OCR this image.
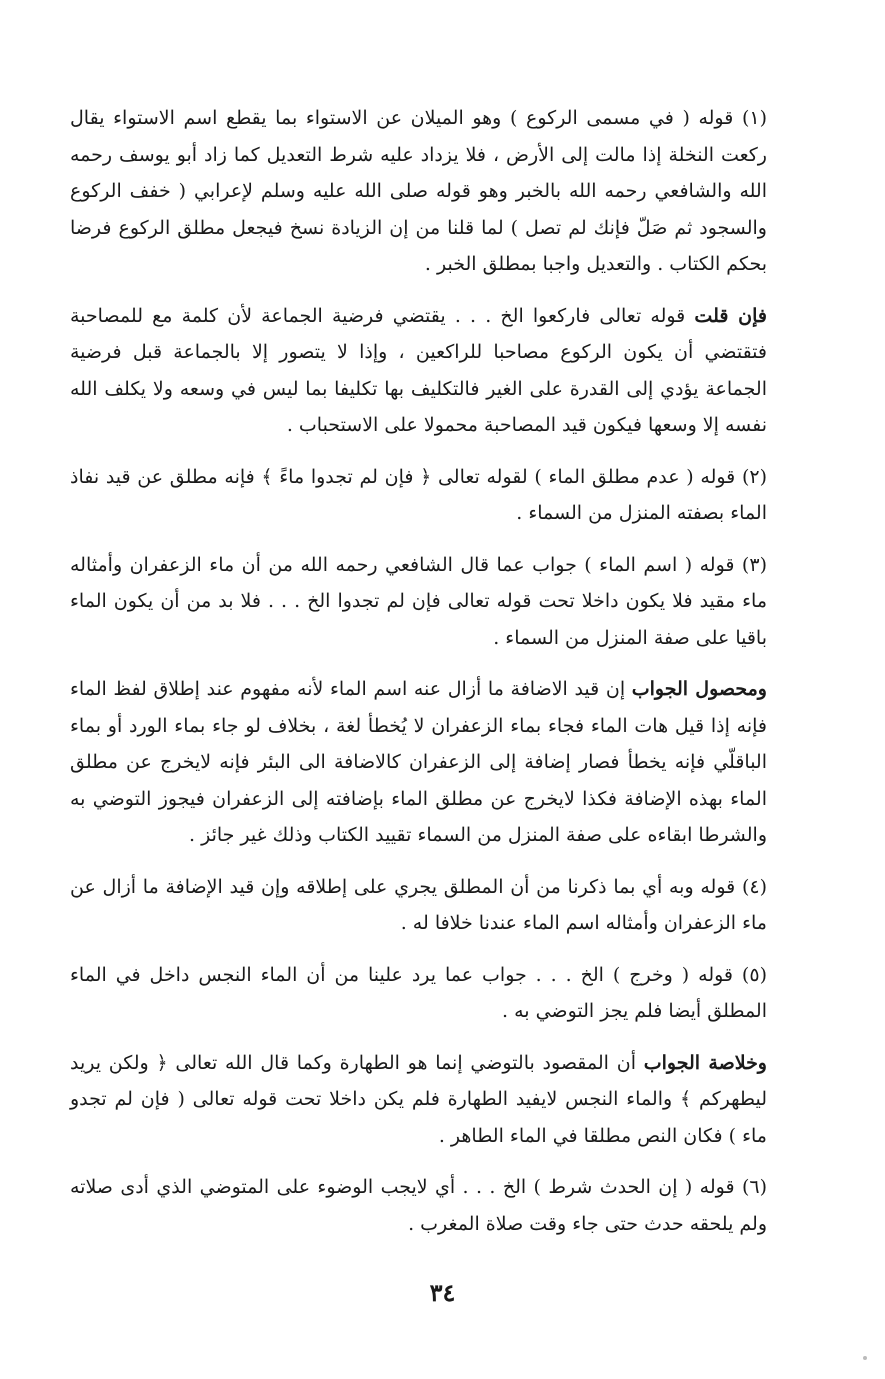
(١) قوله ( في مسمى الركوع ) وهو الميلان عن الاستواء بما يقطع اسم الاستواء يقال ركعت النخلة إذا مالت إلى الأرض ، فلا يزداد عليه شرط التعديل كما زاد أبو يوسف رحمه الله والشافعي رحمه الله بالخبر وهو قوله صلى الله عليه وسلم لإعرابي ( خفف الركوع والسجود ثم صَلّ فإنك لم تصل ) لما قلنا من إن الزيادة نسخ فيجعل مطلق الركوع فرضا بحكم الكتاب . والتعديل واجبا بمطلق الخبر .

فإن قلت قوله تعالى فاركعوا الخ . . . يقتضي فرضية الجماعة لأن كلمة مع للمصاحبة فتقتضي أن يكون الركوع مصاحبا للراكعين ، وإذا لا يتصور إلا بالجماعة قبل فرضية الجماعة يؤدي إلى القدرة على الغير فالتكليف بها تكليفا بما ليس في وسعه ولا يكلف الله نفسه إلا وسعها فيكون قيد المصاحبة محمولا على الاستحباب .

(٢) قوله ( عدم مطلق الماء ) لقوله تعالى ﴿ فإن لم تجدوا ماءً ﴾ فإنه مطلق عن قيد نفاذ الماء بصفته المنزل من السماء .

(٣) قوله ( اسم الماء ) جواب عما قال الشافعي رحمه الله من أن ماء الزعفران وأمثاله ماء مقيد فلا يكون داخلا تحت قوله تعالى فإن لم تجدوا الخ . . . فلا بد من أن يكون الماء باقيا على صفة المنزل من السماء .

ومحصول الجواب إن قيد الاضافة ما أزال عنه اسم الماء لأنه مفهوم عند إطلاق لفظ الماء فإنه إذا قيل هات الماء فجاء بماء الزعفران لا يُخطأ لغة ، بخلاف لو جاء بماء الورد أو بماء الباقلّي فإنه يخطأ فصار إضافة إلى الزعفران كالاضافة الى البئر فإنه لايخرج عن مطلق الماء بهذه الإضافة فكذا لايخرج عن مطلق الماء بإضافته إلى الزعفران فيجوز التوضي به والشرطا ابقاءه على صفة المنزل من السماء تقييد الكتاب وذلك غير جائز .

(٤) قوله وبه أي بما ذكرنا من أن المطلق يجري على إطلاقه وإن قيد الإضافة ما أزال عن ماء الزعفران وأمثاله اسم الماء عندنا خلافا له .

(٥) قوله ( وخرج ) الخ . . . جواب عما يرد علينا من أن الماء النجس داخل في الماء المطلق أيضا فلم يجز التوضي به .

وخلاصة الجواب أن المقصود بالتوضي إنما هو الطهارة وكما قال الله تعالى ﴿ ولكن يريد ليطهركم ﴾ والماء النجس لايفيد الطهارة فلم يكن داخلا تحت قوله تعالى ( فإن لم تجدو ماء ) فكان النص مطلقا في الماء الطاهر .

(٦) قوله ( إن الحدث شرط ) الخ . . . أي لايجب الوضوء على المتوضي الذي أدى صلاته ولم يلحقه حدث حتى جاء وقت صلاة المغرب .

٣٤
